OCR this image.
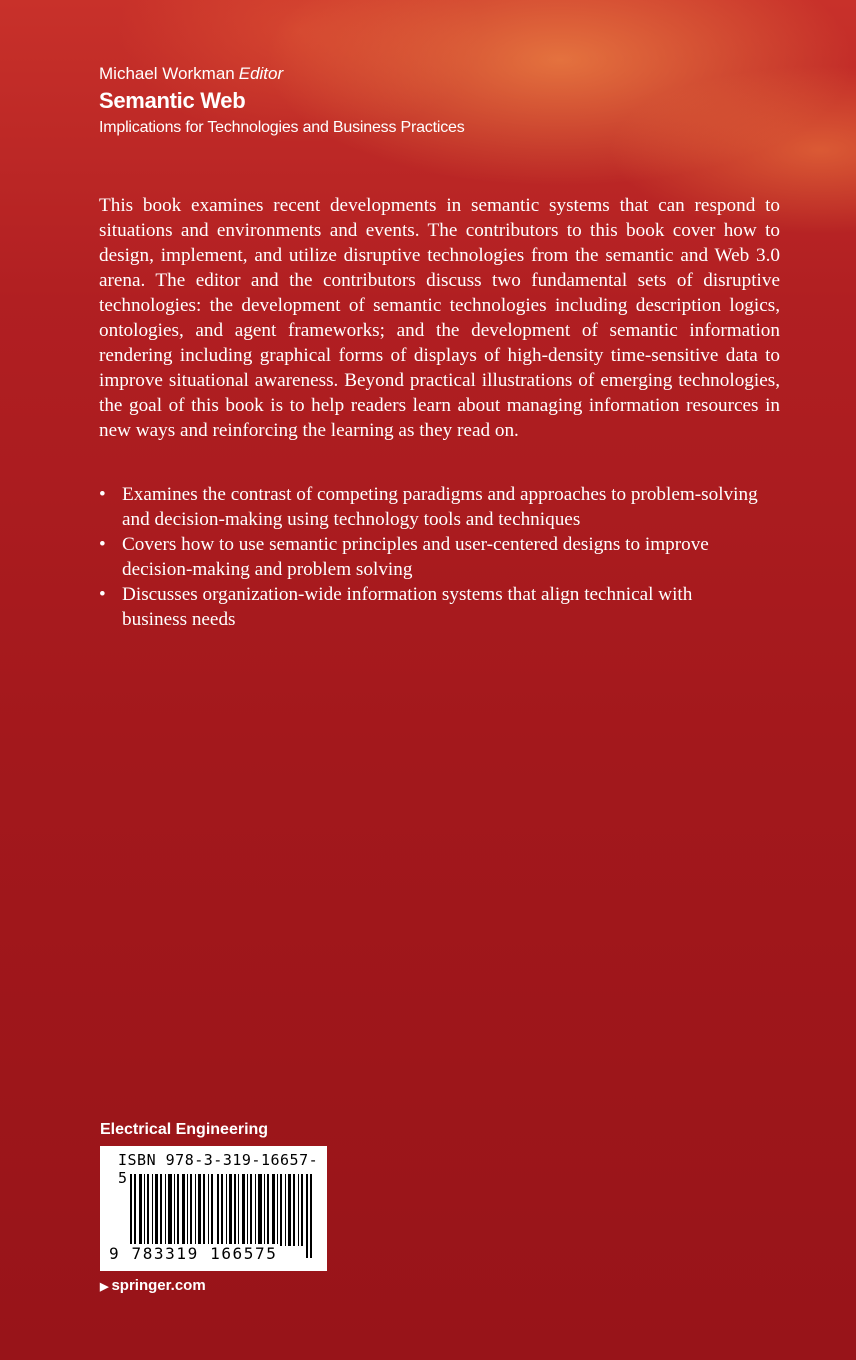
Michael Workman Editor
Semantic Web
Implications for Technologies and Business Practices

This book examines recent developments in semantic systems that can respond to situations and environments and events. The contributors to this book cover how to design, implement, and utilize disruptive technologies from the semantic and Web 3.0 arena. The editor and the contributors discuss two fundamental sets of disruptive technologies: the development of semantic technologies including description logics, ontologies, and agent frameworks; and the development of semantic information rendering including graphical forms of displays of high-density time-sensitive data to improve situational awareness. Beyond practical illustrations of emerging technologies, the goal of this book is to help readers learn about managing information resources in new ways and reinforcing the learning as they read on.

• Examines the contrast of competing paradigms and approaches to problem-solving and decision-making using technology tools and techniques
• Covers how to use semantic principles and user-centered designs to improve decision-making and problem solving
• Discusses organization-wide information systems that align technical with business needs
Electrical Engineering
ISBN 978-3-319-16657-5
9 783319 166575
▶ springer.com
